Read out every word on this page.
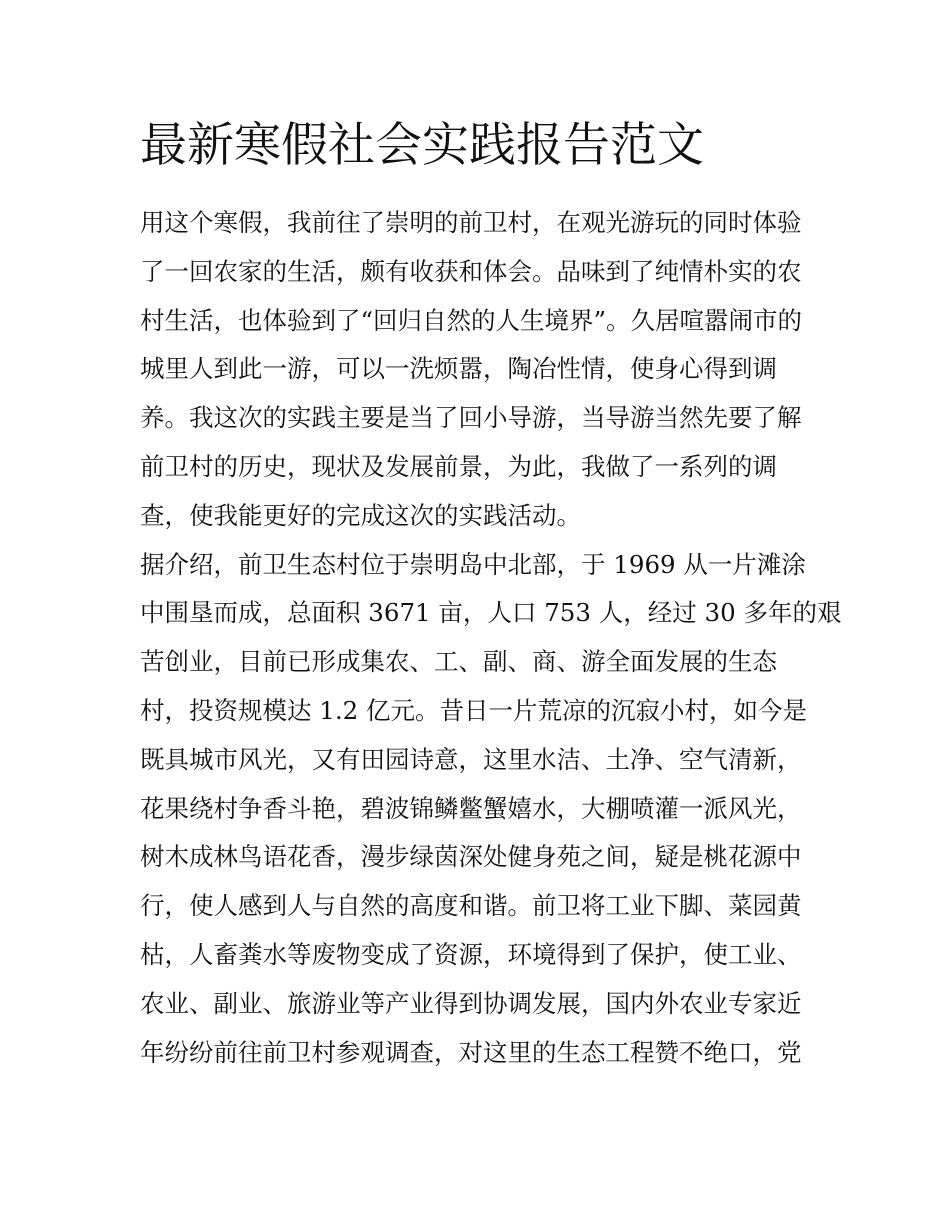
最新寒假社会实践报告范文
用这个寒假，我前往了崇明的前卫村，在观光游玩的同时体验
了一回农家的生活，颇有收获和体会。品味到了纯情朴实的农
村生活，也体验到了“回归自然的人生境界”。久居喧嚣闹市的
城里人到此一游，可以一洗烦嚣，陶冶性情，使身心得到调
养。我这次的实践主要是当了回小导游，当导游当然先要了解
前卫村的历史，现状及发展前景，为此，我做了一系列的调
查，使我能更好的完成这次的实践活动。
据介绍，前卫生态村位于崇明岛中北部，于 1969 从一片滩涂
中围垦而成，总面积 3671 亩，人口 753 人，经过 30 多年的艰
苦创业，目前已形成集农、工、副、商、游全面发展的生态
村，投资规模达 1.2 亿元。昔日一片荒凉的沉寂小村，如今是
既具城市风光，又有田园诗意，这里水洁、土净、空气清新，
花果绕村争香斗艳，碧波锦鳞鳖蟹嬉水，大棚喷灌一派风光，
树木成林鸟语花香，漫步绿茵深处健身苑之间，疑是桃花源中
行，使人感到人与自然的高度和谐。前卫将工业下脚、菜园黄
枯，人畜粪水等废物变成了资源，环境得到了保护，使工业、
农业、副业、旅游业等产业得到协调发展，国内外农业专家近
年纷纷前往前卫村参观调查，对这里的生态工程赞不绝口，党
